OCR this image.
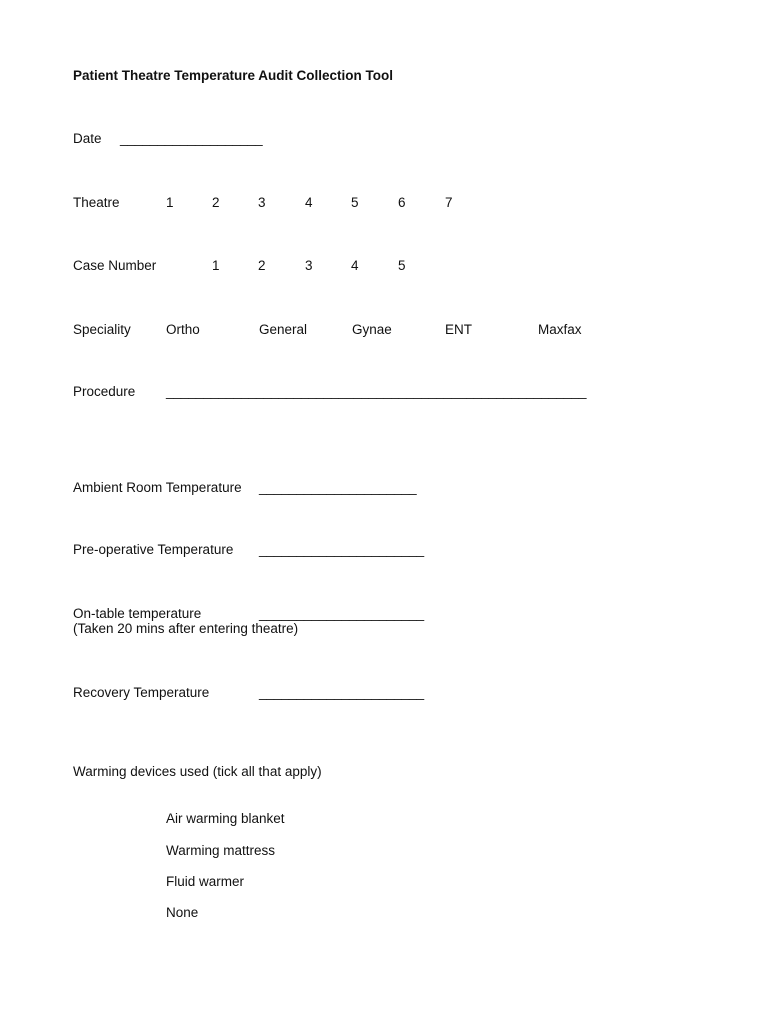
Patient Theatre Temperature Audit Collection Tool
Date ___________________
Theatre	1	2	3	4	5	6	7
Case Number	1	2	3	4	5
Speciality	Ortho	General	Gynae	ENT	Maxfax
Procedure ________________________________________________________
Ambient Room Temperature _____________________
Pre-operative Temperature ______________________
On-table temperature	______________________
(Taken 20 mins after entering theatre)
Recovery Temperature	______________________
Warming devices used (tick all that apply)
Air warming blanket
Warming mattress
Fluid warmer
None
